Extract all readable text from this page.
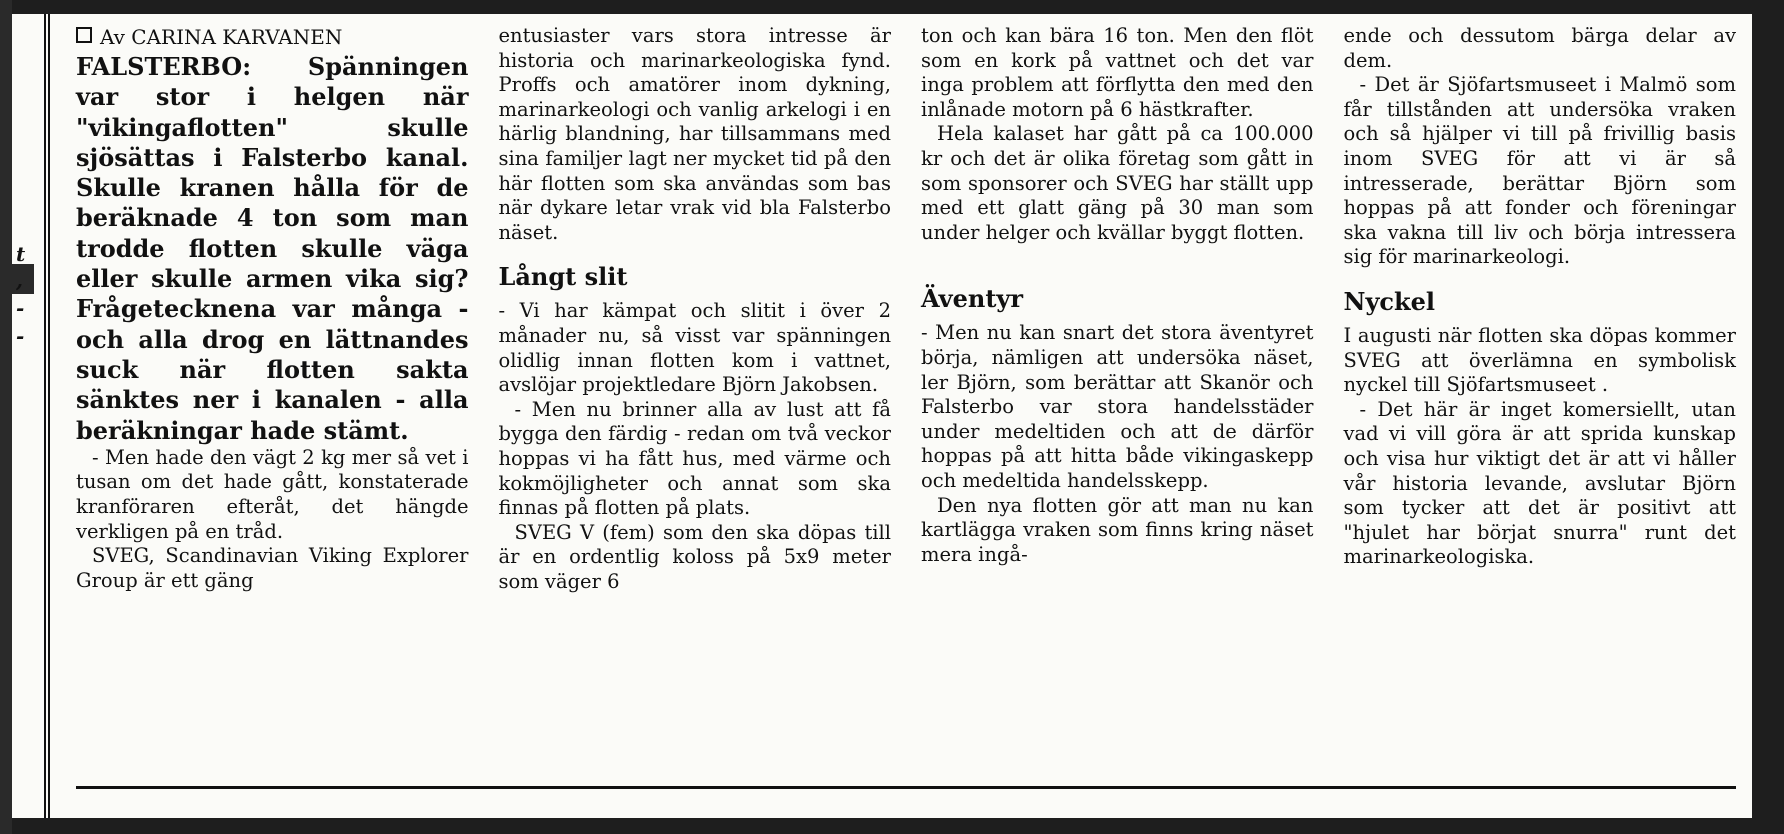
t
,
-
-
Av CARINA KARVANEN

FALSTERBO: Spänningen var stor i helgen när "vikingaflotten" skulle sjösättas i Falsterbo kanal. Skulle kranen hålla för de beräknade 4 ton som man trodde flotten skulle väga eller skulle armen vika sig? Frågetecknena var många - och alla drog en lättnandes suck när flotten sakta sänktes ner i kanalen - alla beräkningar hade stämt.

- Men hade den vägt 2 kg mer så vet i tusan om det hade gått, konstaterade kranföraren efteråt, det hängde verkligen på en tråd.

SVEG, Scandinavian Viking Explorer Group är ett gäng

entusiaster vars stora intresse är historia och marinarkeologiska fynd. Proffs och amatörer inom dykning, marinarkeologi och vanlig arkelogi i en härlig blandning, har tillsammans med sina familjer lagt ner mycket tid på den här flotten som ska användas som bas när dykare letar vrak vid bla Falsterbo näset.

Långt slit

- Vi har kämpat och slitit i över 2 månader nu, så visst var spänningen olidlig innan flotten kom i vattnet, avslöjar projektledare Björn Jakobsen.

- Men nu brinner alla av lust att få bygga den färdig - redan om två veckor hoppas vi ha fått hus, med värme och kokmöjligheter och annat som ska finnas på flotten på plats.

SVEG V (fem) som den ska döpas till är en ordentlig koloss på 5x9 meter som väger 6

ton och kan bära 16 ton. Men den flöt som en kork på vattnet och det var inga problem att förflytta den med den inlånade motorn på 6 hästkrafter.

Hela kalaset har gått på ca 100.000 kr och det är olika företag som gått in som sponsorer och SVEG har ställt upp med ett glatt gäng på 30 man som under helger och kvällar byggt flotten.

Äventyr

- Men nu kan snart det stora äventyret börja, nämligen att undersöka näset, ler Björn, som berättar att Skanör och Falsterbo var stora handelsstäder under medeltiden och att de därför hoppas på att hitta både vikingaskepp och medeltida handelsskepp.

Den nya flotten gör att man nu kan kartlägga vraken som finns kring näset mera ingå-

ende och dessutom bärga delar av dem.

- Det är Sjöfartsmuseet i Malmö som får tillstånden att undersöka vraken och så hjälper vi till på frivillig basis inom SVEG för att vi är så intresserade, berättar Björn som hoppas på att fonder och föreningar ska vakna till liv och börja intressera sig för marinarkeologi.

Nyckel

I augusti när flotten ska döpas kommer SVEG att överlämna en symbolisk nyckel till Sjöfartsmuseet .

- Det här är inget komersiellt, utan vad vi vill göra är att sprida kunskap och visa hur viktigt det är att vi håller vår historia levande, avslutar Björn som tycker att det är positivt att "hjulet har börjat snurra" runt det marinarkeologiska.
